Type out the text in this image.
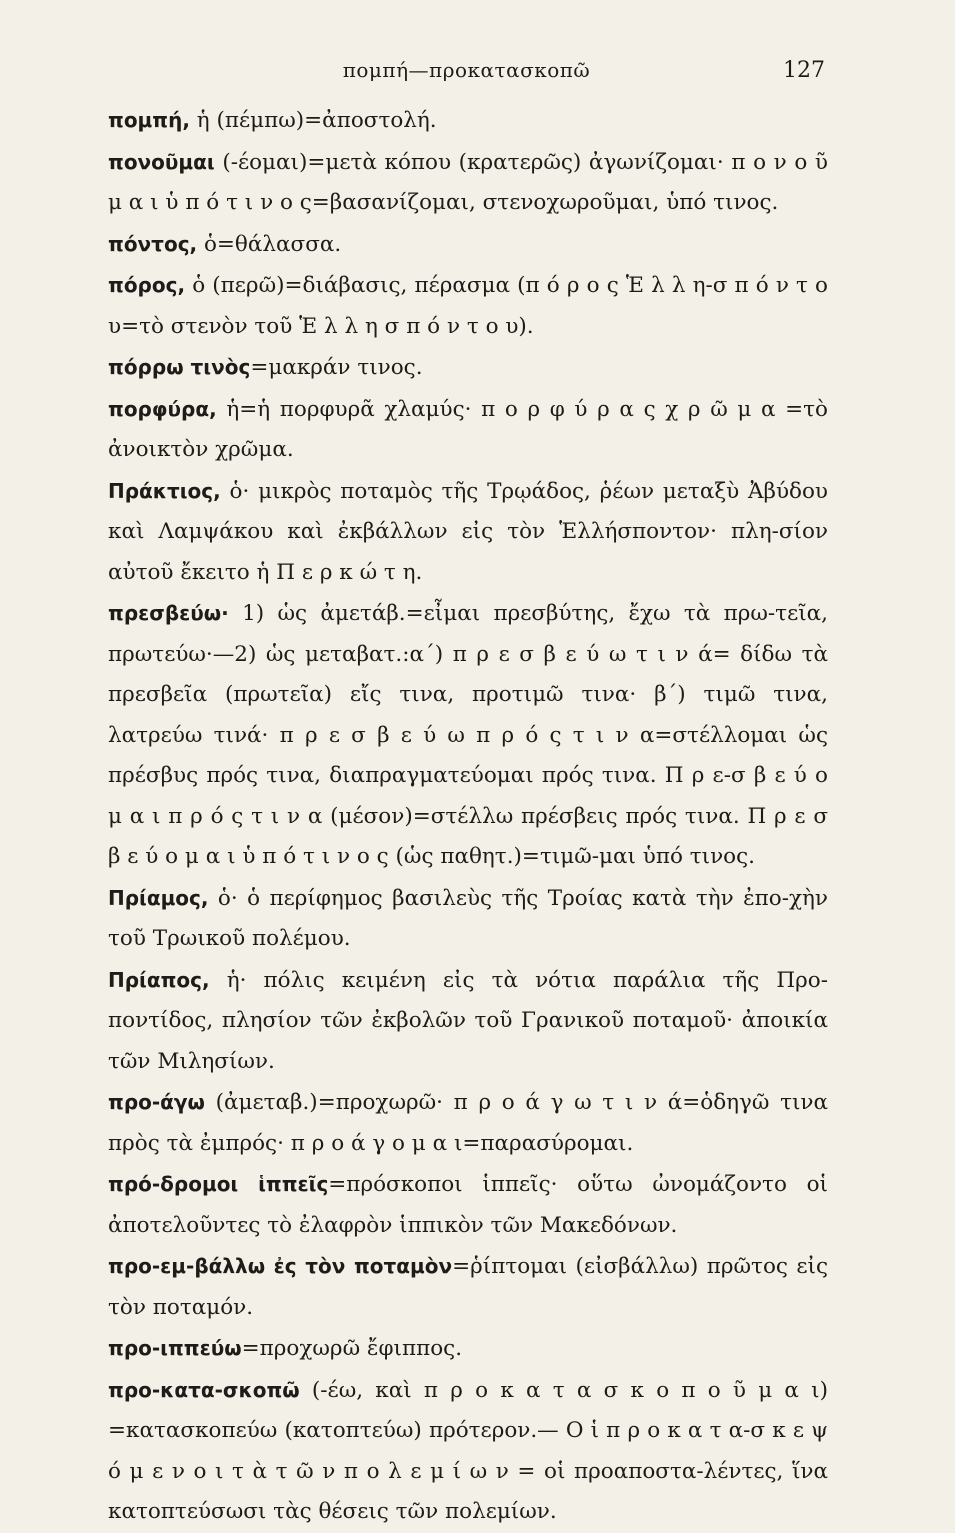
πομπή—προκατασκοπῶ	127

πομπή, ἡ (πέμπω)=ἀποστολή.

πονοῦμαι (-έομαι)=μετὰ κόπου (κρατερῶς) ἀγωνίζομαι· π ο ν ο ῦ μ α ι ὑ π ό τ ι ν ο ς=βασανίζομαι, στενοχωροῦμαι, ὑπό τινος.

πόντος, ὁ=θάλασσα.

πόρος, ὁ (περῶ)=διάβασις, πέρασμα (π ό ρ ο ς Ἑ λ λ η-σ π ό ν τ ο υ=τὸ στενὸν τοῦ Ἑ λ λ η σ π ό ν τ ο υ).

πόρρω τινὸς=μακράν τινος.

πορφύρα, ἡ=ἡ πορφυρᾶ χλαμύς· π ο ρ φ ύ ρ α ς χ ρ ῶ μ α =τὸ ἀνοικτὸν χρῶμα.

Πράκτιος, ὁ· μικρὸς ποταμὸς τῆς Τρῳάδος, ῥέων μεταξὺ Ἀβύδου καὶ Λαμψάκου καὶ ἐκβάλλων εἰς τὸν Ἑλλήσποντον· πλη-σίον αὐτοῦ ἔκειτο ἡ Π ε ρ κ ώ τ η.

πρεσβεύω· 1) ὡς ἀμετάβ.=εἶμαι πρεσβύτης, ἔχω τὰ πρω-τεῖα, πρωτεύω·—2) ὡς μεταβατ.:α΄) π ρ ε σ β ε ύ ω τ ι ν ά= δίδω τὰ πρεσβεῖα (πρωτεῖα) εἴς τινα, προτιμῶ τινα· β΄) τιμῶ τινα, λατρεύω τινά· π ρ ε σ β ε ύ ω π ρ ό ς τ ι ν α=στέλλομαι ὡς πρέσβυς πρός τινα, διαπραγματεύομαι πρός τινα. Π ρ ε-σ β ε ύ ο μ α ι π ρ ό ς τ ι ν α (μέσον)=στέλλω πρέσβεις πρός τινα. Π ρ ε σ β ε ύ ο μ α ι ὑ π ό τ ι ν ο ς (ὡς παθητ.)=τιμῶ-μαι ὑπό τινος.

Πρίαμος, ὁ· ὁ περίφημος βασιλεὺς τῆς Τροίας κατὰ τὴν ἐπο-χὴν τοῦ Τρωικοῦ πολέμου.

Πρίαπος, ἡ· πόλις κειμένη εἰς τὰ νότια παράλια τῆς Προ-ποντίδος, πλησίον τῶν ἐκβολῶν τοῦ Γρανικοῦ ποταμοῦ· ἀποικία τῶν Μιλησίων.

προ-άγω (ἀμεταβ.)=προχωρῶ· π ρ ο ά γ ω τ ι ν ά=ὁδηγῶ τινα πρὸς τὰ ἐμπρός· π ρ ο ά γ ο μ α ι=παρασύρομαι.

πρό-δρομοι ἱππεῖς=πρόσκοποι ἱππεῖς· οὕτω ὠνομάζοντο οἱ ἀποτελοῦντες τὸ ἐλαφρὸν ἱππικὸν τῶν Μακεδόνων.

προ-εμ-βάλλω ἐς τὸν ποταμὸν=ῥίπτομαι (εἰσβάλλω) πρῶτος εἰς τὸν ποταμόν.

προ-ιππεύω=προχωρῶ ἔφιππος.

προ-κατα-σκοπῶ (-έω, καὶ π ρ ο κ α τ α σ κ ο π ο ῦ μ α ι) =κατασκοπεύω (κατοπτεύω) πρότερον.— Ο ἱ π ρ ο κ α τ α-σ κ ε ψ ό μ ε ν ο ι τ ὰ τ ῶ ν π ο λ ε μ ί ω ν = οἱ προαποστα-λέντες, ἵνα κατοπτεύσωσι τὰς θέσεις τῶν πολεμίων.
